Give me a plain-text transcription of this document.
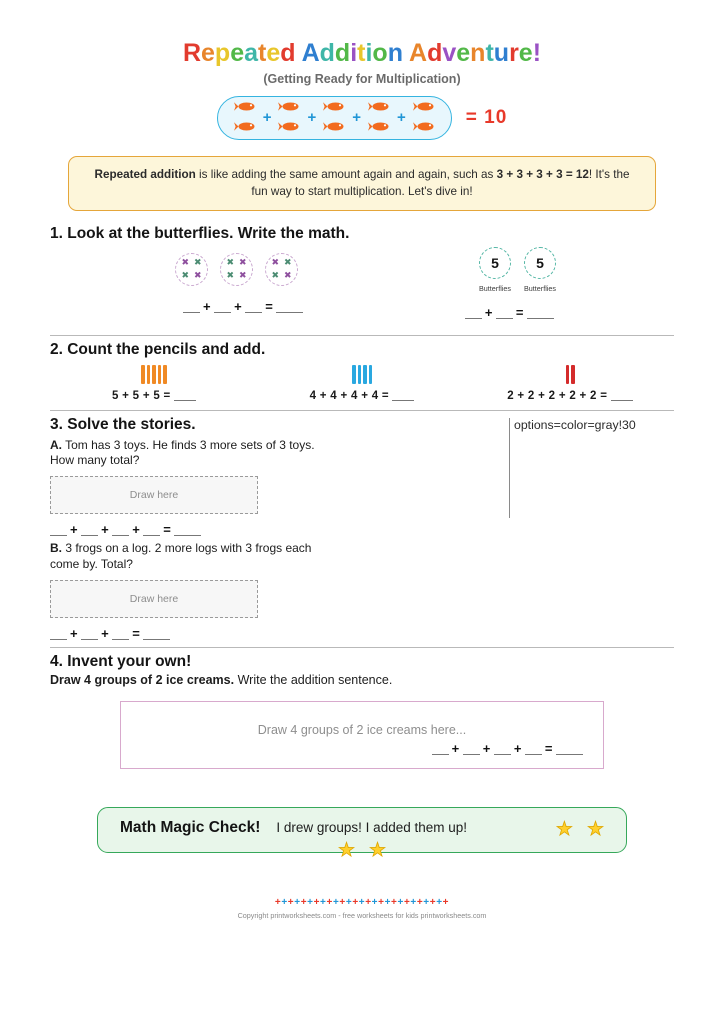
Repeated Addition Adventure!
(Getting Ready for Multiplication)
+ + + +	= 10
Repeated addition is like adding the same amount again and again, such as 3 + 3 + 3 + 3 = 12! It's the fun way to start multiplication. Let's dive in!
1. Look at the butterflies. Write the math.
✖ ✖
✖ ✖
✖ ✖
✖ ✖
✖ ✖
✖ ✖
+ + =
5
Butterflies
5
Butterflies
+ =
2. Count the pencils and add.
5 + 5 + 5 =	4 + 4 + 4 + 4 =	2 + 2 + 2 + 2 + 2 =
3. Solve the stories.	options=color=gray!30
A. Tom has 3 toys. He finds 3 more sets of 3 toys. How many total?
Draw here
+ + + =
B. 3 frogs on a log. 2 more logs with 3 frogs each come by. Total?
Draw here
+ + =
4. Invent your own!
Draw 4 groups of 2 ice creams. Write the addition sentence.
Draw 4 groups of 2 ice creams here...
+ + + =
Math Magic Check! I drew groups! I added them up!	★ ★
★ ★
+++++++++++++++++++++++++++
Copyright printworksheets.com - free worksheets for kids printworksheets.com
